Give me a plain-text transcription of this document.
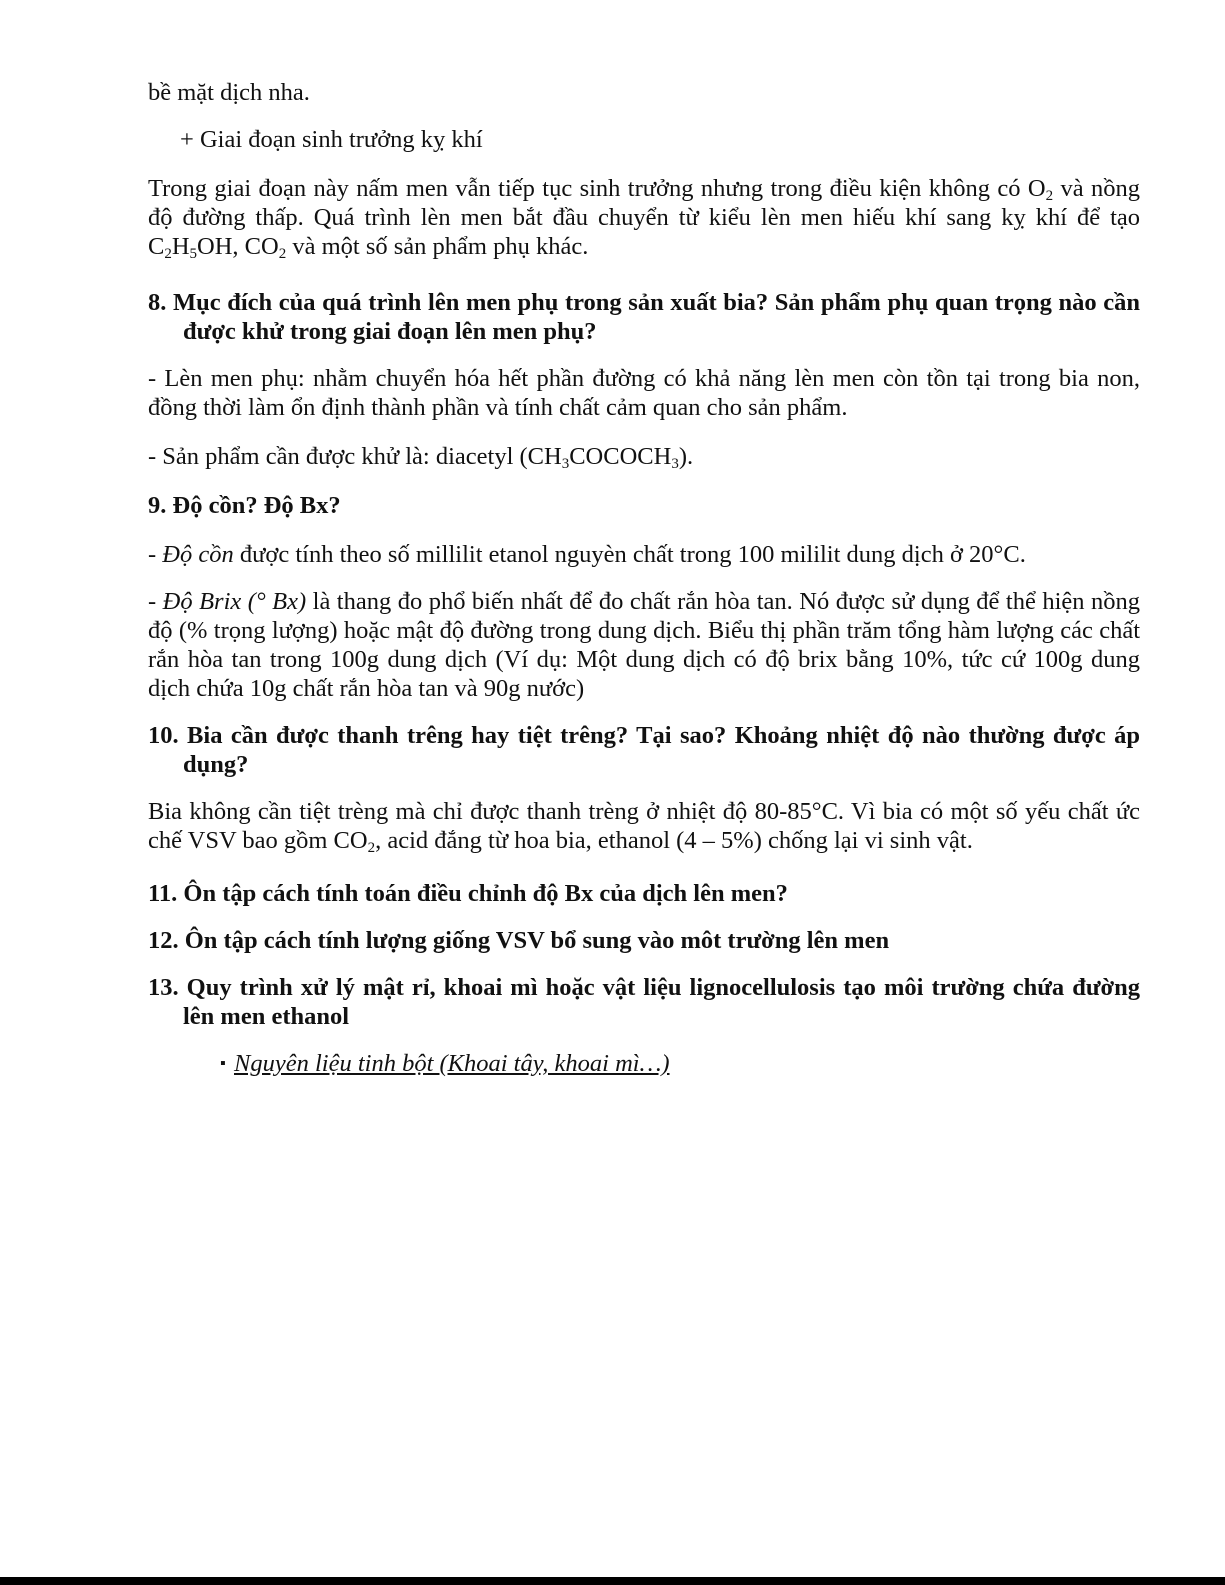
bề mặt dịch nha.

+ Giai đoạn sinh trưởng kỵ khí

Trong giai đoạn này nấm men vẫn tiếp tục sinh trưởng nhưng trong điều kiện không có $O_2$ và nồng độ đường thấp. Quá trình lèn men bắt đầu chuyển từ kiểu lèn men hiếu khí sang kỵ khí để tạo $C_2H_5OH$, $CO_2$ và một số sản phẩm phụ khác.

8. Mục đích của quá trình lên men phụ trong sản xuất bia? Sản phẩm phụ quan trọng nào cần được khử trong giai đoạn lên men phụ?

- Lèn men phụ: nhằm chuyển hóa hết phần đường có khả năng lèn men còn tồn tại trong bia non, đồng thời làm ổn định thành phần và tính chất cảm quan cho sản phẩm.

- Sản phẩm cần được khử là: diacetyl $(CH_3COCOCH_3)$.

9. Độ cồn? Độ Bx?

- Độ cồn được tính theo số millilit etanol nguyèn chất trong 100 mililit dung dịch ở 20°C.

- Độ Brix (° Bx) là thang đo phổ biến nhất để đo chất rắn hòa tan. Nó được sử dụng để thể hiện nồng độ (% trọng lượng) hoặc mật độ đường trong dung dịch. Biểu thị phần trăm tổng hàm lượng các chất rắn hòa tan trong 100g dung dịch (Ví dụ: Một dung dịch có độ brix bằng 10%, tức cứ 100g dung dịch chứa 10g chất rắn hòa tan và 90g nước)

10. Bia cần được thanh trêng hay tiệt trêng? Tại sao? Khoảng nhiệt độ nào thường được áp dụng?

Bia không cần tiệt trèng mà chỉ được thanh trèng ở nhiệt độ 80-85°C. Vì bia có một số yếu chất ức chế VSV bao gồm $CO_2$, acid đắng từ hoa bia, ethanol (4 – 5%) chống lại vi sinh vật.

11. Ôn tập cách tính toán điều chỉnh độ Bx của dịch lên men?

12. Ôn tập cách tính lượng giống VSV bổ sung vào môt trường lên men

13. Quy trình xử lý mật rỉ, khoai mì hoặc vật liệu lignocellulosis tạo môi trường chứa đường lên men ethanol

▪ Nguyên liệu tinh bột (Khoai tây, khoai mì…)
